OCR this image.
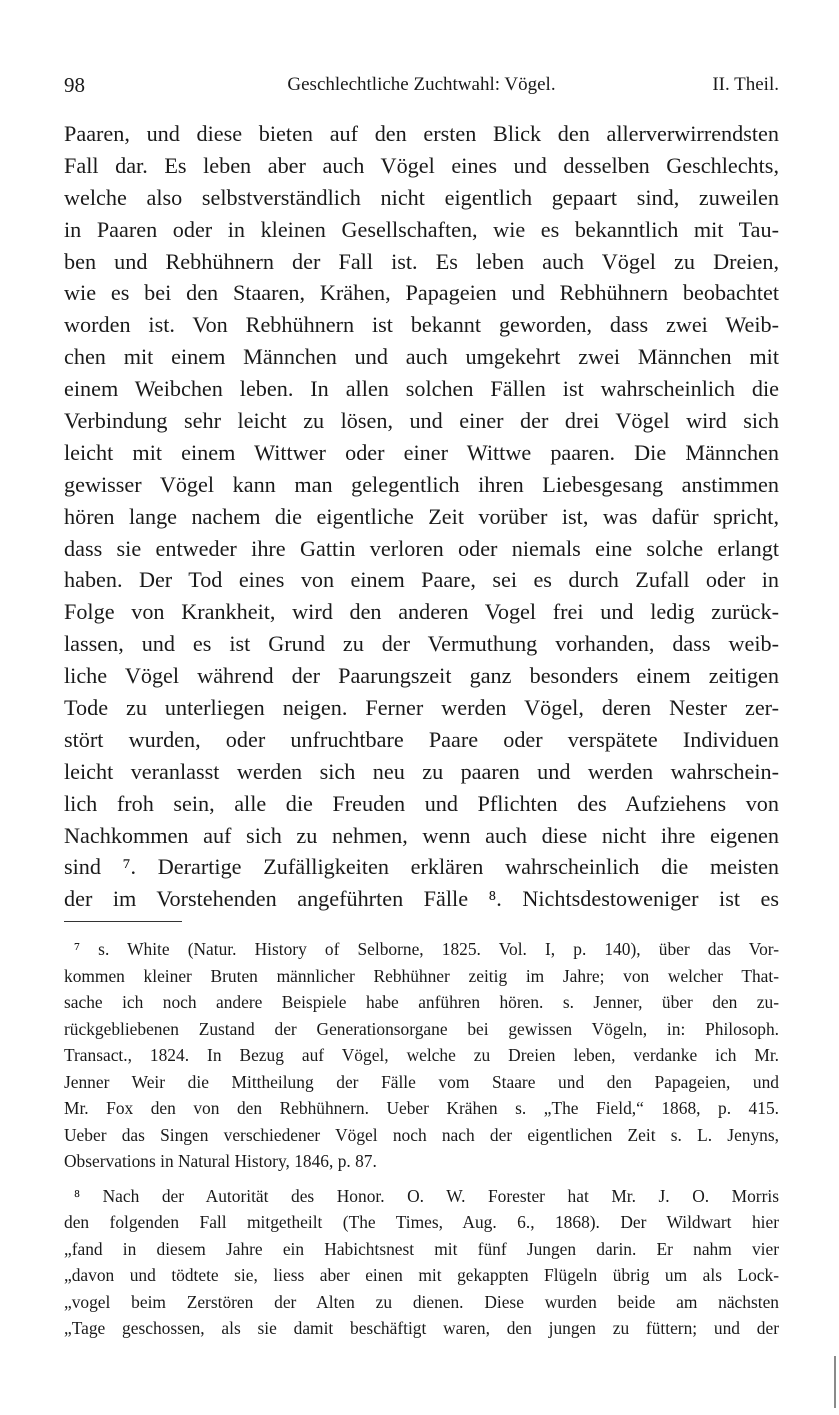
98	Geschlechtliche Zuchtwahl: Vögel.	II. Theil.
Paaren, und diese bieten auf den ersten Blick den allerverwirrendsten
Fall dar. Es leben aber auch Vögel eines und desselben Geschlechts,
welche also selbstverständlich nicht eigentlich gepaart sind, zuweilen
in Paaren oder in kleinen Gesellschaften, wie es bekanntlich mit Tau-
ben und Rebhühnern der Fall ist. Es leben auch Vögel zu Dreien,
wie es bei den Staaren, Krähen, Papageien und Rebhühnern beobachtet
worden ist. Von Rebhühnern ist bekannt geworden, dass zwei Weib-
chen mit einem Männchen und auch umgekehrt zwei Männchen mit
einem Weibchen leben. In allen solchen Fällen ist wahrscheinlich die
Verbindung sehr leicht zu lösen, und einer der drei Vögel wird sich
leicht mit einem Wittwer oder einer Wittwe paaren. Die Männchen
gewisser Vögel kann man gelegentlich ihren Liebesgesang anstimmen
hören lange nachem die eigentliche Zeit vorüber ist, was dafür spricht,
dass sie entweder ihre Gattin verloren oder niemals eine solche erlangt
haben. Der Tod eines von einem Paare, sei es durch Zufall oder in
Folge von Krankheit, wird den anderen Vogel frei und ledig zurück-
lassen, und es ist Grund zu der Vermuthung vorhanden, dass weib-
liche Vögel während der Paarungszeit ganz besonders einem zeitigen
Tode zu unterliegen neigen. Ferner werden Vögel, deren Nester zer-
stört wurden, oder unfruchtbare Paare oder verspätete Individuen
leicht veranlasst werden sich neu zu paaren und werden wahrschein-
lich froh sein, alle die Freuden und Pflichten des Aufziehens von
Nachkommen auf sich zu nehmen, wenn auch diese nicht ihre eigenen
sind ⁷. Derartige Zufälligkeiten erklären wahrscheinlich die meisten
der im Vorstehenden angeführten Fälle ⁸. Nichtsdestoweniger ist es
⁷ s. White (Natur. History of Selborne, 1825. Vol. I, p. 140), über das Vor-
kommen kleiner Bruten männlicher Rebhühner zeitig im Jahre; von welcher That-
sache ich noch andere Beispiele habe anführen hören. s. Jenner, über den zu-
rückgebliebenen Zustand der Generationsorgane bei gewissen Vögeln, in: Philosoph.
Transact., 1824. In Bezug auf Vögel, welche zu Dreien leben, verdanke ich Mr.
Jenner Weir die Mittheilung der Fälle vom Staare und den Papageien, und
Mr. Fox den von den Rebhühnern. Ueber Krähen s. „The Field,“ 1868, p. 415.
Ueber das Singen verschiedener Vögel noch nach der eigentlichen Zeit s. L. Jenyns,
Observations in Natural History, 1846, p. 87.
⁸ Nach der Autorität des Honor. O. W. Forester hat Mr. J. O. Morris
den folgenden Fall mitgetheilt (The Times, Aug. 6., 1868). Der Wildwart hier
„fand in diesem Jahre ein Habichtsnest mit fünf Jungen darin. Er nahm vier
„davon und tödtete sie, liess aber einen mit gekappten Flügeln übrig um als Lock-
„vogel beim Zerstören der Alten zu dienen. Diese wurden beide am nächsten
„Tage geschossen, als sie damit beschäftigt waren, den jungen zu füttern; und der
